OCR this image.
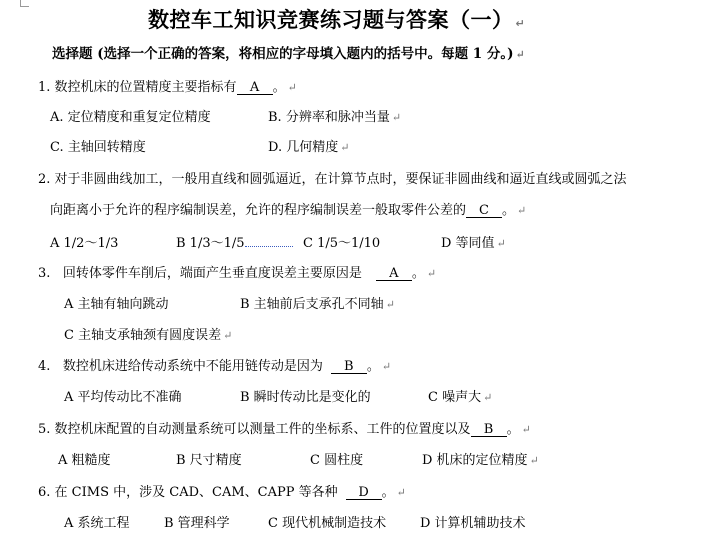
数控车工知识竞赛练习题与答案（一） ↵
选择题 (选择一个正确的答案，将相应的字母填入题内的括号中。每题 1 分。) ↵
1. 数控机床的位置精度主要指标有 A 。 ↵
A. 定位精度和重复定位精度	B. 分辨率和脉冲当量 ↵
C. 主轴回转精度	D. 几何精度 ↵
2. 对于非圆曲线加工，一般用直线和圆弧逼近，在计算节点时，要保证非圆曲线和逼近直线或圆弧之法
向距离小于允许的程序编制误差，允许的程序编制误差一般取零件公差的 C 。 ↵
A 1/2～1/3	B 1/3～1/5	C 1/5～1/10	D 等同值 ↵
3. 回转体零件车削后，端面产生垂直度误差主要原因是 A 。 ↵
A 主轴有轴向跳动	B 主轴前后支承孔不同轴 ↵
C 主轴支承轴颈有圆度误差 ↵
4. 数控机床进给传动系统中不能用链传动是因为 B 。 ↵
A 平均传动比不准确	B 瞬时传动比是变化的	C 噪声大 ↵
5. 数控机床配置的自动测量系统可以测量工件的坐标系、工件的位置度以及 B 。 ↵
A 粗糙度	B 尺寸精度	C 圆柱度	D 机床的定位精度 ↵
6. 在 CIMS 中，涉及 CAD、CAM、CAPP 等各种 D 。 ↵
A 系统工程	B 管理科学	C 现代机械制造技术	D 计算机辅助技术
